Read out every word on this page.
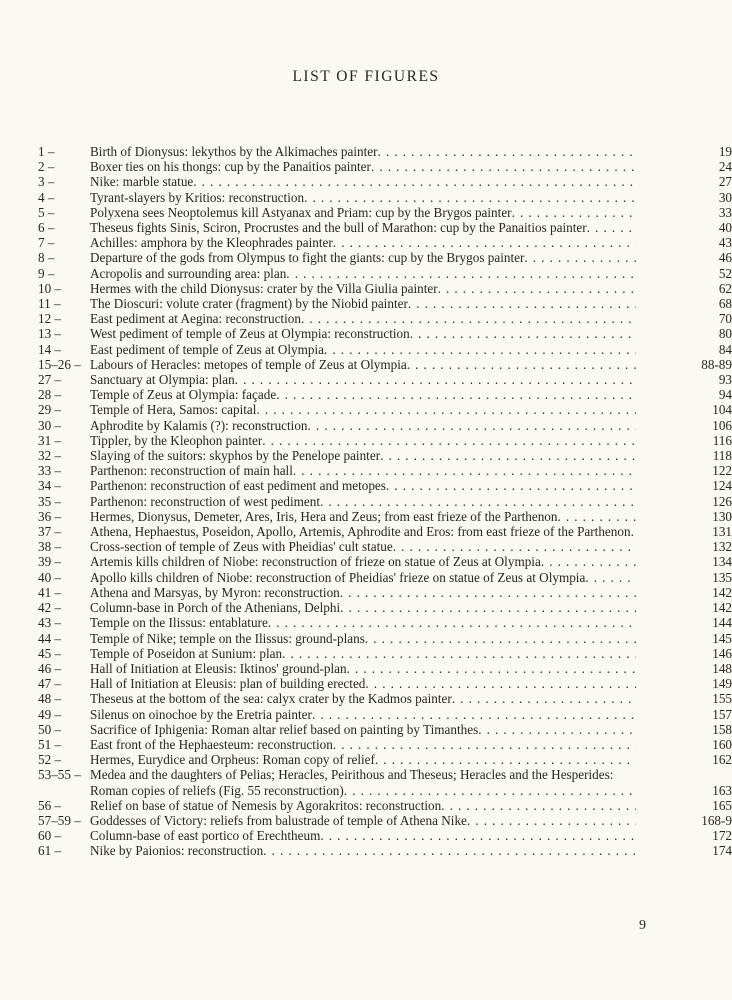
LIST OF FIGURES
1 –	Birth of Dionysus: lekythos by the Alkimaches painter . . .	19
2 –	Boxer ties on his thongs: cup by the Panaitios painter . . .	24
3 –	Nike: marble statue . . .	27
4 –	Tyrant-slayers by Kritios: reconstruction . . .	30
5 –	Polyxena sees Neoptolemus kill Astyanax and Priam: cup by the Brygos painter . . .	33
6 –	Theseus fights Sinis, Sciron, Procrustes and the bull of Marathon: cup by the Panaitios painter . . .	40
7 –	Achilles: amphora by the Kleophrades painter . . .	43
8 –	Departure of the gods from Olympus to fight the giants: cup by the Brygos painter . . .	46
9 –	Acropolis and surrounding area: plan . . .	52
10 – Hermes with the child Dionysus: crater by the Villa Giulia painter . . .	62
11 – The Dioscuri: volute crater (fragment) by the Niobid painter . . .	68
12 – East pediment at Aegina: reconstruction . . .	70
13 – West pediment of temple of Zeus at Olympia: reconstruction . . .	80
14 – East pediment of temple of Zeus at Olympia . . .	84
15–26 – Labours of Heracles: metopes of temple of Zeus at Olympia . . .	88-89
27 – Sanctuary at Olympia: plan . . .	93
28 – Temple of Zeus at Olympia: façade . . .	94
29 – Temple of Hera, Samos: capital . . .	104
30 – Aphrodite by Kalamis (?): reconstruction . . .	106
31 – Tippler, by the Kleophon painter . . .	116
32 – Slaying of the suitors: skyphos by the Penelope painter . . .	118
33 – Parthenon: reconstruction of main hall . . .	122
34 – Parthenon: reconstruction of east pediment and metopes . . .	124
35 – Parthenon: reconstruction of west pediment . . .	126
36 – Hermes, Dionysus, Demeter, Ares, Iris, Hera and Zeus; from east frieze of the Parthenon . . .	130
37 – Athena, Hephaestus, Poseidon, Apollo, Artemis, Aphrodite and Eros: from east frieze of the Parthenon . . .	131
38 – Cross-section of temple of Zeus with Pheidias' cult statue . . .	132
39 – Artemis kills children of Niobe: reconstruction of frieze on statue of Zeus at Olympia . . .	134
40 – Apollo kills children of Niobe: reconstruction of Pheidias' frieze on statue of Zeus at Olympia . . .	135
41 – Athena and Marsyas, by Myron: reconstruction . . .	142
42 – Column-base in Porch of the Athenians, Delphi . . .	142
43 – Temple on the Ilissus: entablature . . .	144
44 – Temple of Nike; temple on the Ilissus: ground-plans . . .	145
45 – Temple of Poseidon at Sunium: plan . . .	146
46 – Hall of Initiation at Eleusis: Iktinos' ground-plan . . .	148
47 – Hall of Initiation at Eleusis: plan of building erected . . .	149
48 – Theseus at the bottom of the sea: calyx crater by the Kadmos painter . . .	155
49 – Silenus on oinochoe by the Eretria painter . . .	157
50 – Sacrifice of Iphigenia: Roman altar relief based on painting by Timanthes . . .	158
51 – East front of the Hephaesteum: reconstruction . . .	160
52 – Hermes, Eurydice and Orpheus: Roman copy of relief . . .	162
53–55 – Medea and the daughters of Pelias; Heracles, Peirithous and Theseus; Heracles and the Hesperides: Roman copies of reliefs (Fig. 55 reconstruction) . . .	163
56 – Relief on base of statue of Nemesis by Agorakritos: reconstruction . . .	165
57–59 – Goddesses of Victory: reliefs from balustrade of temple of Athena Nike . . .	168-9
60 – Column-base of east portico of Erechtheum . . .	172
61 – Nike by Paionios: reconstruction . . .	174
9
